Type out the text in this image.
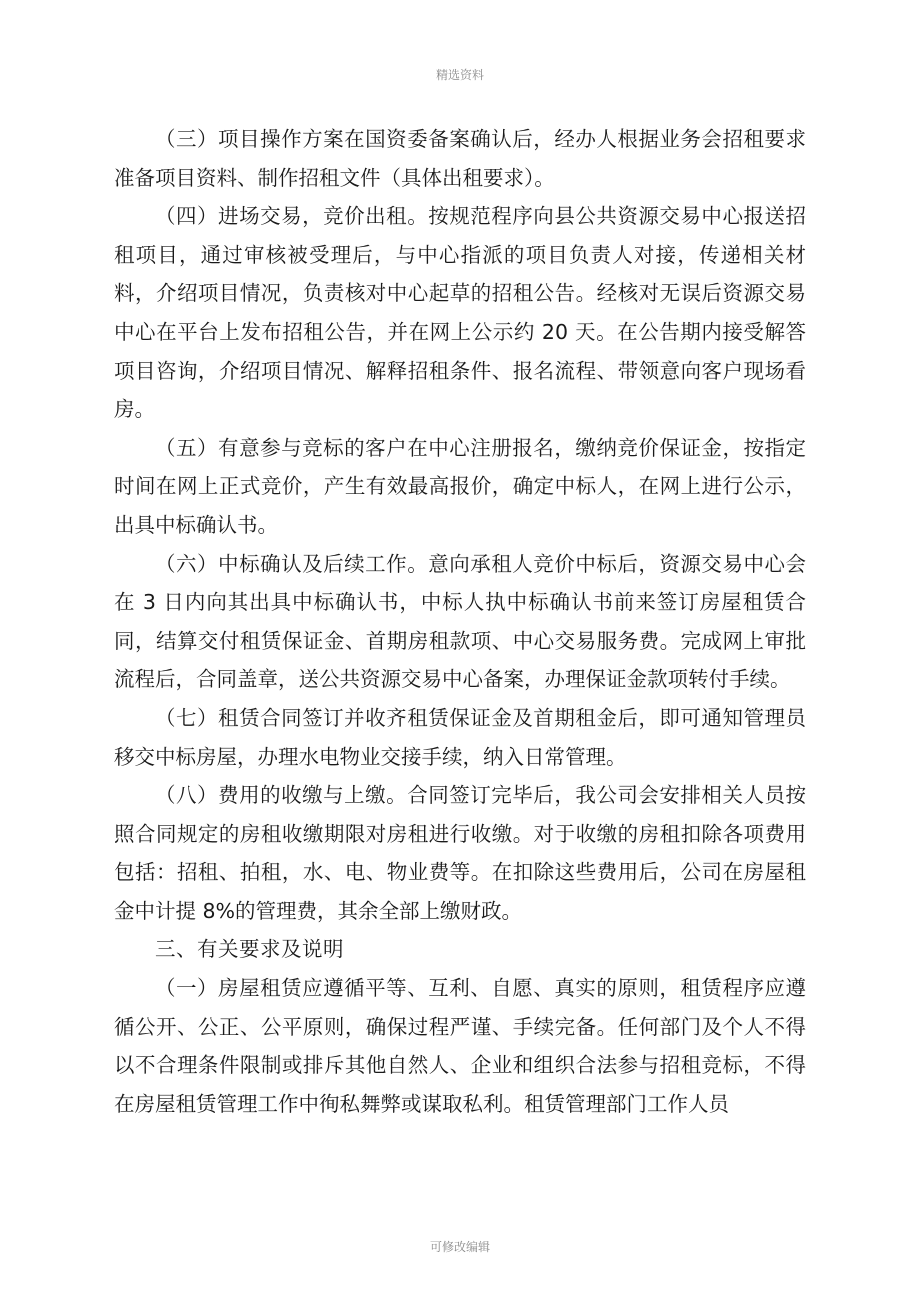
精选资料

（三）项目操作方案在国资委备案确认后，经办人根据业务会招租要求准备项目资料、制作招租文件（具体出租要求）。

（四）进场交易，竞价出租。按规范程序向县公共资源交易中心报送招租项目，通过审核被受理后，与中心指派的项目负责人对接，传递相关材料，介绍项目情况，负责核对中心起草的招租公告。经核对无误后资源交易中心在平台上发布招租公告，并在网上公示约 20 天。在公告期内接受解答项目咨询，介绍项目情况、解释招租条件、报名流程、带领意向客户现场看房。

（五）有意参与竞标的客户在中心注册报名，缴纳竞价保证金，按指定时间在网上正式竞价，产生有效最高报价，确定中标人，在网上进行公示，出具中标确认书。

（六）中标确认及后续工作。意向承租人竞价中标后，资源交易中心会在 3 日内向其出具中标确认书，中标人执中标确认书前来签订房屋租赁合同，结算交付租赁保证金、首期房租款项、中心交易服务费。完成网上审批流程后，合同盖章，送公共资源交易中心备案，办理保证金款项转付手续。

（七）租赁合同签订并收齐租赁保证金及首期租金后，即可通知管理员移交中标房屋，办理水电物业交接手续，纳入日常管理。

（八）费用的收缴与上缴。合同签订完毕后，我公司会安排相关人员按照合同规定的房租收缴期限对房租进行收缴。对于收缴的房租扣除各项费用包括：招租、拍租，水、电、物业费等。在扣除这些费用后，公司在房屋租金中计提 8%的管理费，其余全部上缴财政。

三、有关要求及说明

（一）房屋租赁应遵循平等、互利、自愿、真实的原则，租赁程序应遵循公开、公正、公平原则，确保过程严谨、手续完备。任何部门及个人不得以不合理条件限制或排斥其他自然人、企业和组织合法参与招租竞标，不得在房屋租赁管理工作中徇私舞弊或谋取私利。租赁管理部门工作人员

可修改编辑
